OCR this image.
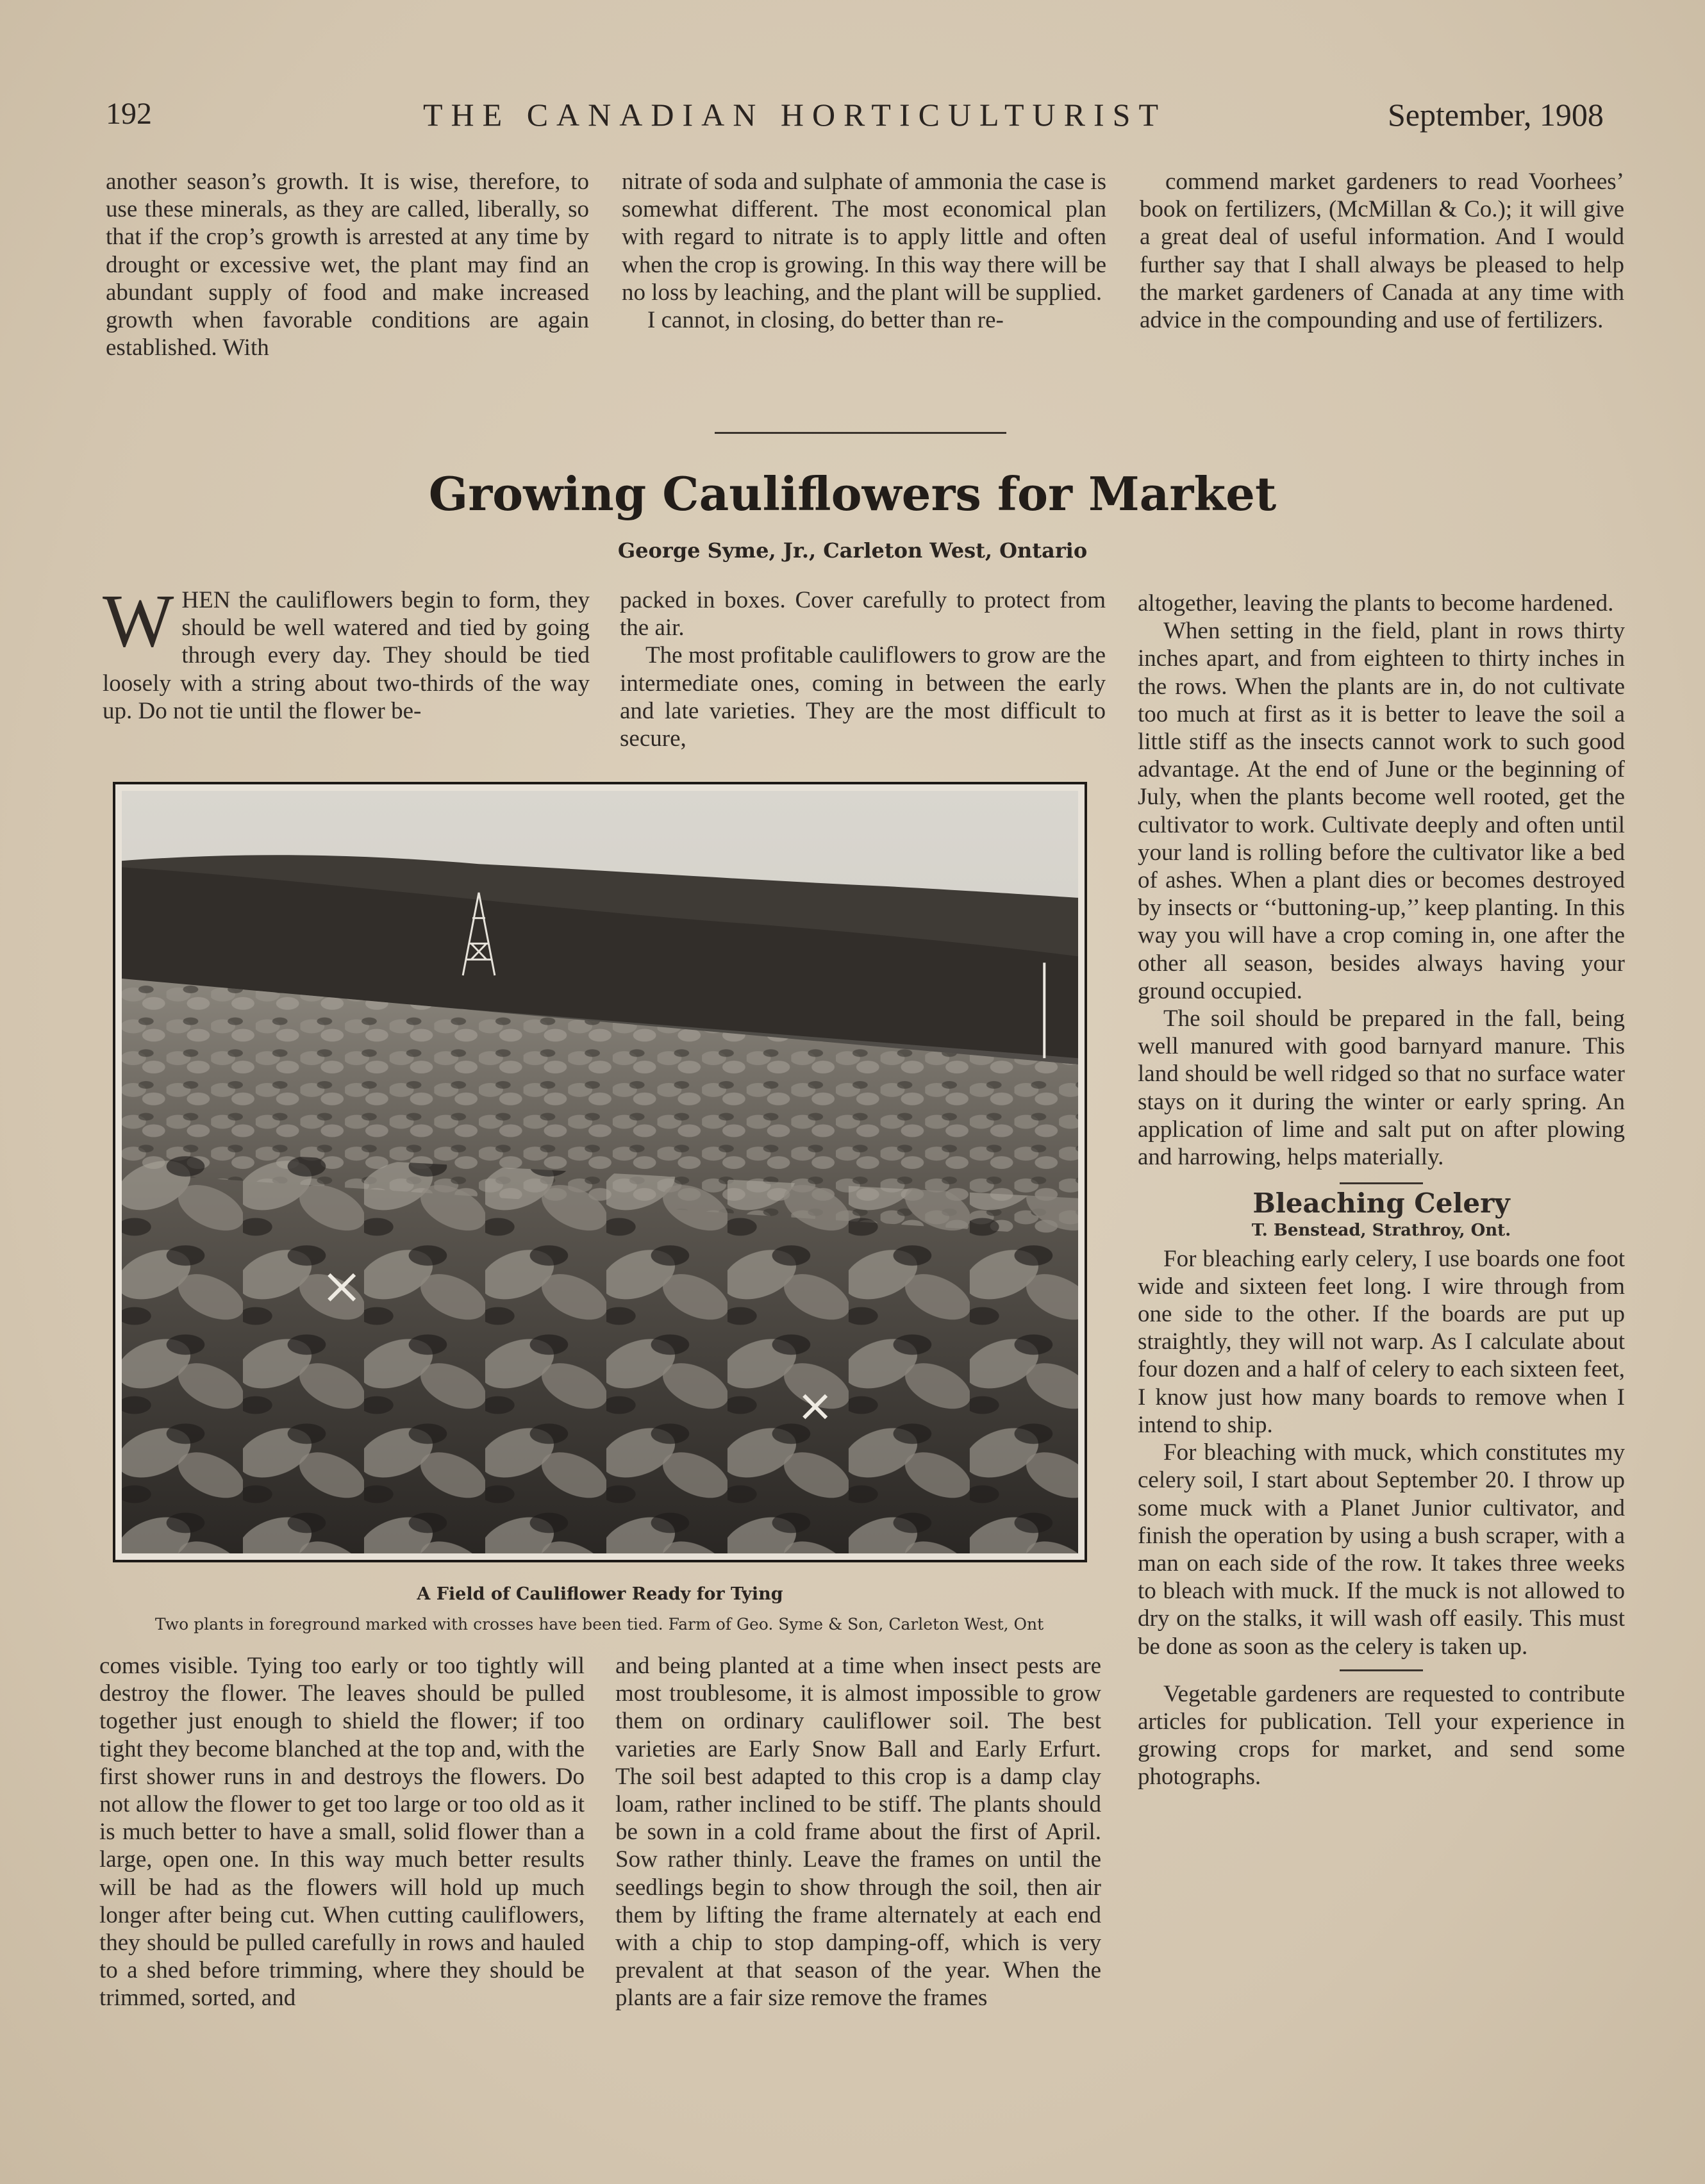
192	THE CANADIAN HORTICULTURIST	September, 1908

another season’s growth. It is wise, therefore, to use these minerals, as they are called, liberally, so that if the crop’s growth is arrested at any time by drought or excessive wet, the plant may find an abundant supply of food and make increased growth when favorable conditions are again established. With

nitrate of soda and sulphate of ammonia the case is somewhat different. The most economical plan with regard to nitrate is to apply little and often when the crop is growing. In this way there will be no loss by leaching, and the plant will be supplied.

I cannot, in closing, do better than re-

commend market gardeners to read Voorhees’ book on fertilizers, (McMillan & Co.); it will give a great deal of useful information. And I would further say that I shall always be pleased to help the market gardeners of Canada at any time with advice in the compounding and use of fertilizers.

Growing Cauliflowers for Market
George Syme, Jr., Carleton West, Ontario

WHEN the cauliflowers begin to form, they should be well watered and tied by going through every day. They should be tied loosely with a string about two-thirds of the way up. Do not tie until the flower be-

packed in boxes. Cover carefully to protect from the air.

The most profitable cauliflowers to grow are the intermediate ones, coming in between the early and late varieties. They are the most difficult to secure,

A Field of Cauliflower Ready for Tying
Two plants in foreground marked with crosses have been tied. Farm of Geo. Syme & Son, Carleton West, Ont

comes visible. Tying too early or too tightly will destroy the flower. The leaves should be pulled together just enough to shield the flower; if too tight they become blanched at the top and, with the first shower runs in and destroys the flowers. Do not allow the flower to get too large or too old as it is much better to have a small, solid flower than a large, open one. In this way much better results will be had as the flowers will hold up much longer after being cut. When cutting cauliflowers, they should be pulled carefully in rows and hauled to a shed before trimming, where they should be trimmed, sorted, and

and being planted at a time when insect pests are most troublesome, it is almost impossible to grow them on ordinary cauliflower soil. The best varieties are Early Snow Ball and Early Erfurt. The soil best adapted to this crop is a damp clay loam, rather inclined to be stiff. The plants should be sown in a cold frame about the first of April. Sow rather thinly. Leave the frames on until the seedlings begin to show through the soil, then air them by lifting the frame alternately at each end with a chip to stop damping-off, which is very prevalent at that season of the year. When the plants are a fair size remove the frames

altogether, leaving the plants to become hardened.

When setting in the field, plant in rows thirty inches apart, and from eighteen to thirty inches in the rows. When the plants are in, do not cultivate too much at first as it is better to leave the soil a little stiff as the insects cannot work to such good advantage. At the end of June or the beginning of July, when the plants become well rooted, get the cultivator to work. Cultivate deeply and often until your land is rolling before the cultivator like a bed of ashes. When a plant dies or becomes destroyed by insects or ‘‘buttoning-up,’’ keep planting. In this way you will have a crop coming in, one after the other all season, besides always having your ground occupied.

The soil should be prepared in the fall, being well manured with good barnyard manure. This land should be well ridged so that no surface water stays on it during the winter or early spring. An application of lime and salt put on after plowing and harrowing, helps materially.

Bleaching Celery

T. Benstead, Strathroy, Ont.

For bleaching early celery, I use boards one foot wide and sixteen feet long. I wire through from one side to the other. If the boards are put up straightly, they will not warp. As I calculate about four dozen and a half of celery to each sixteen feet, I know just how many boards to remove when I intend to ship.

For bleaching with muck, which constitutes my celery soil, I start about September 20. I throw up some muck with a Planet Junior cultivator, and finish the operation by using a bush scraper, with a man on each side of the row. It takes three weeks to bleach with muck. If the muck is not allowed to dry on the stalks, it will wash off easily. This must be done as soon as the celery is taken up.

Vegetable gardeners are requested to contribute articles for publication. Tell your experience in growing crops for market, and send some photographs.
